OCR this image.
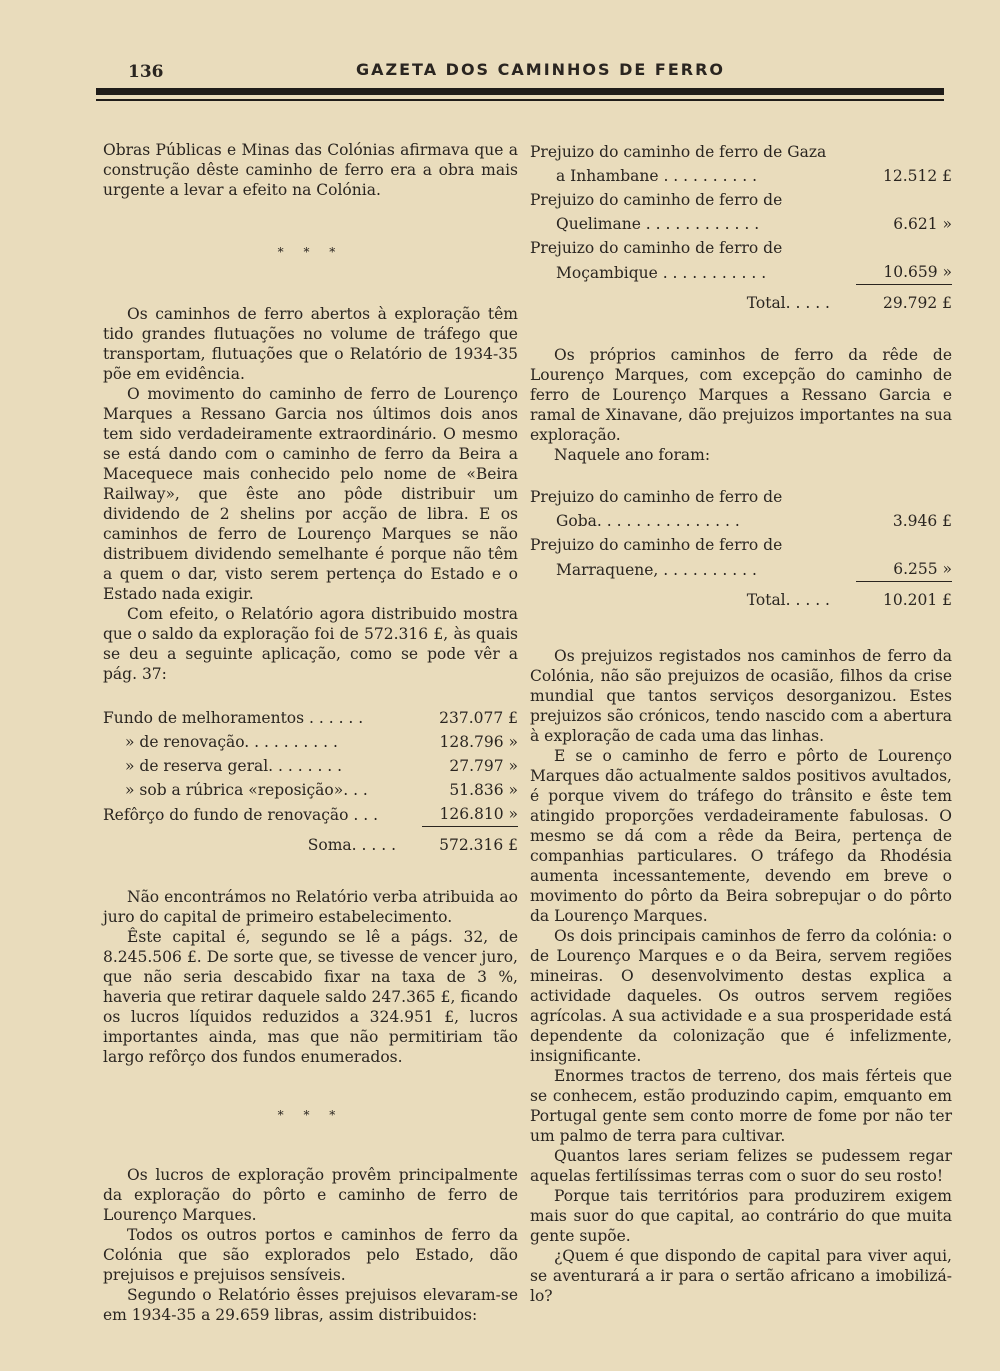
136	GAZETA DOS CAMINHOS DE FERRO

Obras Públicas e Minas das Colónias afirmava que a construção dêste caminho de ferro era a obra mais urgente a levar a efeito na Colónia.

* * *

Os caminhos de ferro abertos à exploração têm tido grandes flutuações no volume de tráfego que transportam, flutuações que o Relatório de 1934-35 põe em evidência.

O movimento do caminho de ferro de Lourenço Marques a Ressano Garcia nos últimos dois anos tem sido verdadeiramente extraordinário. O mesmo se está dando com o caminho de ferro da Beira a Macequece mais conhecido pelo nome de «Beira Railway», que êste ano pôde distribuir um dividendo de 2 shelins por acção de libra. E os caminhos de ferro de Lourenço Marques se não distribuem dividendo semelhante é porque não têm a quem o dar, visto serem pertença do Estado e o Estado nada exigir.

Com efeito, o Relatório agora distribuido mostra que o saldo da exploração foi de 572.316 £, às quais se deu a seguinte aplicação, como se pode vêr a pág. 37:

Fundo de melhoramentos . . . . . .	237.077 £
» de renovação. . . . . . . . . .	128.796 »
» de reserva geral. . . . . . . .	27.797 »
» sob a rúbrica «reposição». . .	51.836 »
Refôrço do fundo de renovação . . .	126.810 »
Soma. . . . .	572.316 £

Não encontrámos no Relatório verba atribuida ao juro do capital de primeiro estabelecimento.

Êste capital é, segundo se lê a págs. 32, de 8.245.506 £. De sorte que, se tivesse de vencer juro, que não seria descabido fixar na taxa de 3 %, haveria que retirar daquele saldo 247.365 £, ficando os lucros líquidos reduzidos a 324.951 £, lucros importantes ainda, mas que não permitiriam tão largo refôrço dos fundos enumerados.

* * *

Os lucros de exploração provêm principalmente da exploração do pôrto e caminho de ferro de Lourenço Marques.

Todos os outros portos e caminhos de ferro da Colónia que são explorados pelo Estado, dão prejuisos e prejuisos sensíveis.

Segundo o Relatório êsses prejuisos elevaram-se em 1934-35 a 29.659 libras, assim distribuidos:

Prejuizo do caminho de ferro de Gaza	
a Inhambane . . . . . . . . . .	12.512 £
Prejuizo do caminho de ferro de	
Quelimane . . . . . . . . . . . .	6.621 »
Prejuizo do caminho de ferro de	
Moçambique . . . . . . . . . . .	10.659 »
Total. . . . .	29.792 £

Os próprios caminhos de ferro da rêde de Lourenço Marques, com excepção do caminho de ferro de Lourenço Marques a Ressano Garcia e ramal de Xinavane, dão prejuizos importantes na sua exploração.

Naquele ano foram:

Prejuizo do caminho de ferro de	
Goba. . . . . . . . . . . . . . .	3.946 £
Prejuizo do caminho de ferro de	
Marraquene, . . . . . . . . . .	6.255 »
Total. . . . .	10.201 £

Os prejuizos registados nos caminhos de ferro da Colónia, não são prejuizos de ocasião, filhos da crise mundial que tantos serviços desorganizou. Estes prejuizos são crónicos, tendo nascido com a abertura à exploração de cada uma das linhas.

E se o caminho de ferro e pôrto de Lourenço Marques dão actualmente saldos positivos avultados, é porque vivem do tráfego do trânsito e êste tem atingido proporções verdadeiramente fabulosas. O mesmo se dá com a rêde da Beira, pertença de companhias particulares. O tráfego da Rhodésia aumenta incessantemente, devendo em breve o movimento do pôrto da Beira sobrepujar o do pôrto da Lourenço Marques.

Os dois principais caminhos de ferro da colónia: o de Lourenço Marques e o da Beira, servem regiões mineiras. O desenvolvimento destas explica a actividade daqueles. Os outros servem regiões agrícolas. A sua actividade e a sua prosperidade está dependente da colonização que é infelizmente, insignificante.

Enormes tractos de terreno, dos mais férteis que se conhecem, estão produzindo capim, emquanto em Portugal gente sem conto morre de fome por não ter um palmo de terra para cultivar.

Quantos lares seriam felizes se pudessem regar aquelas fertilíssimas terras com o suor do seu rosto!

Porque tais territórios para produzirem exigem mais suor do que capital, ao contrário do que muita gente supõe.

¿Quem é que dispondo de capital para viver aqui, se aventurará a ir para o sertão africano a imobilizá-lo?
